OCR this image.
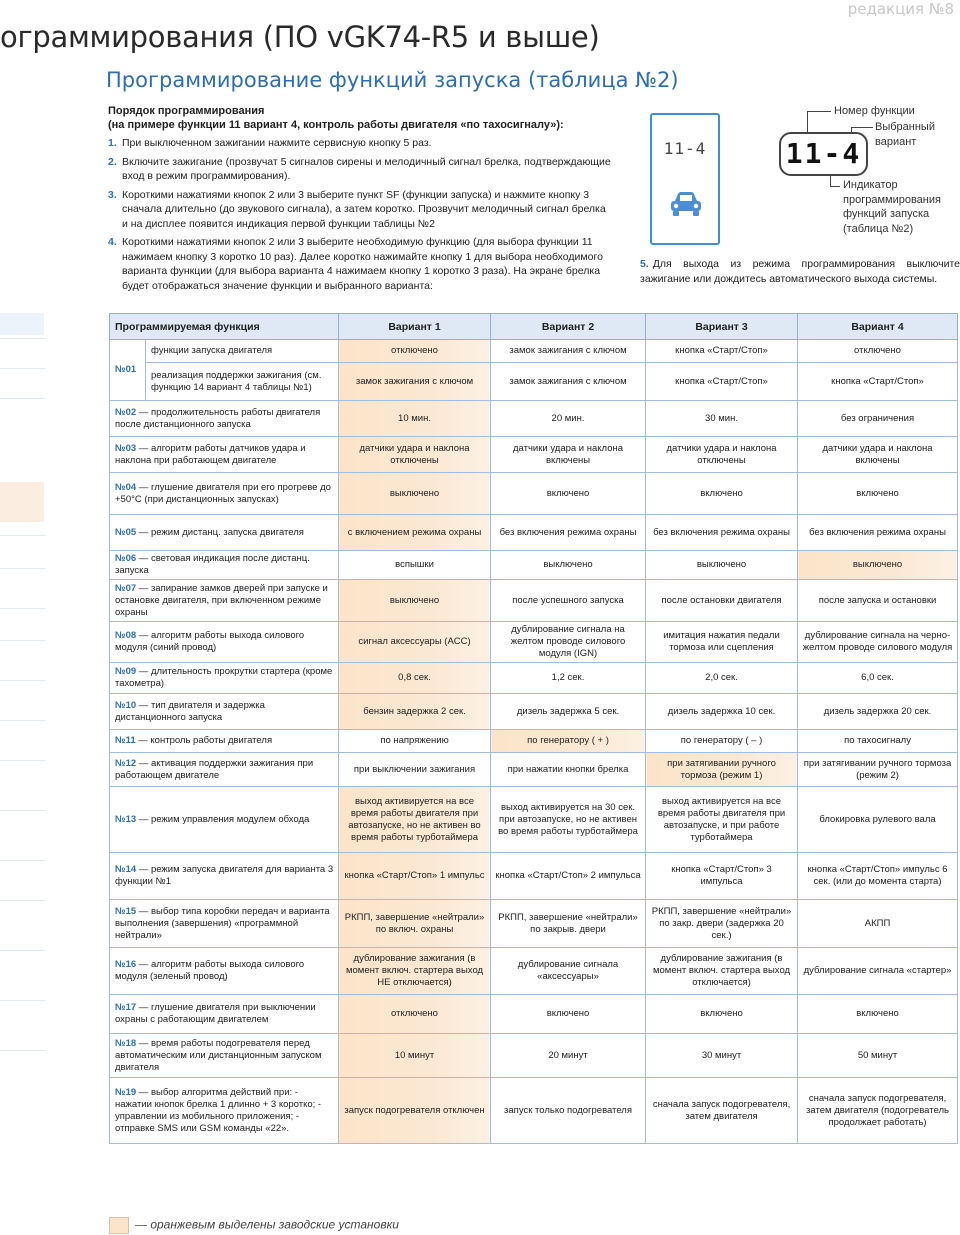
редакция №8
ограммирования (ПО vGK74-R5 и выше)
Программирование функций запуска (таблица №2)
Порядок программирования
(на примере функции 11 вариант 4, контроль работы двигателя «по тахосигналу»):
1. При выключенном зажигании нажмите сервисную кнопку 5 раз.
2. Включите зажигание (прозвучат 5 сигналов сирены и мелодичный сигнал брелка, подтверждающие вход в режим программирования).
3. Короткими нажатиями кнопок 2 или 3 выберите пункт SF (функции запуска) и нажмите кнопку 3 сначала длительно (до звукового сигнала), а затем коротко. Прозвучит мелодичный сигнал брелка и на дисплее появится индикация первой функции таблицы №2
4. Короткими нажатиями кнопок 2 или 3 выберите необходимую функцию (для выбора функции 11 нажимаем кнопку 3 коротко 10 раз). Далее коротко нажимайте кнопку 1 для выбора необходимого варианта функции (для выбора варианта 4 нажимаем кнопку 1 коротко 3 раза). На экране брелка будет отображаться значение функции и выбранного варианта:
11-4	11-4
Номер функции
Выбранный
вариант
Индикатор
программирования
функций запуска
(таблица №2)
5. Для выхода из режима программирования выключите зажигание или дождитесь автоматического выхода системы.
Программируемая функция		Вариант 1	Вариант 2	Вариант 3	Вариант 4
№01	функции запуска двигателя	отключено	замок зажигания с ключом	кнопка «Старт/Стоп»	отключено
	реализация поддержки зажигания (см. функцию 14 вариант 4 таблицы №1)	замок зажигания с ключом	замок зажигания с ключом	кнопка «Старт/Стоп»	кнопка «Старт/Стоп»
№02 — продолжительность работы двигателя после дистанционного запуска		10 мин.	20 мин.	30 мин.	без ограничения
№03 — алгоритм работы датчиков удара и наклона при работающем двигателе		датчики удара и наклона отключены	датчики удара и наклона включены	датчики удара и наклона отключены	датчики удара и наклона включены
№04 — глушение двигателя при его прогреве до +50°С (при дистанционных запусках)		выключено	включено	включено	включено
№05 — режим дистанц. запуска двигателя		с включением режима охраны	без включения режима охраны	без включения режима охраны	без включения режима охраны
№06 — световая индикация после дистанц. запуска		вспышки	выключено	выключено	выключено
№07 — запирание замков дверей при запуске и остановке двигателя, при включенном режиме охраны		выключено	после успешного запуска	после остановки двигателя	после запуска и остановки
№08 — алгоритм работы выхода силового модуля (синий провод)		сигнал аксессуары (ACC)	дублирование сигнала на желтом проводе силового модуля (IGN)	имитация нажатия педали тормоза или сцепления	дублирование сигнала на черно-желтом проводе силового модуля
№09 — длительность прокрутки стартера (кроме тахометра)		0,8 сек.	1,2 сек.	2,0 сек.	6,0 сек.
№10 — тип двигателя и задержка дистанционного запуска		бензин задержка 2 сек.	дизель задержка 5 сек.	дизель задержка 10 сек.	дизель задержка 20 сек.
№11 — контроль работы двигателя		по напряжению	по генератору ( + )	по генератору ( – )	по тахосигналу
№12 — активация поддержки зажигания при работающем двигателе		при выключении зажигания	при нажатии кнопки брелка	при затягивании ручного тормоза (режим 1)	при затягивании ручного тормоза (режим 2)
№13 — режим управления модулем обхода		выход активируется на все время работы двигателя при автозапуске, но не активен во время работы турботаймера	выход активируется на 30 сек. при автозапуске, но не активен во время работы турботаймера	выход активируется на все время работы двигателя при автозапуске, и при работе турботаймера	блокировка рулевого вала
№14 — режим запуска двигателя для варианта 3 функции №1		кнопка «Старт/Стоп» 1 импульс	кнопка «Старт/Стоп» 2 импульса	кнопка «Старт/Стоп» 3 импульса	кнопка «Старт/Стоп» импульс 6 сек. (или до момента старта)
№15 — выбор типа коробки передач и варианта выполнения (завершения) «программной нейтрали»		РКПП, завершение «нейтрали» по включ. охраны	РКПП, завершение «нейтрали» по закрыв. двери	РКПП, завершение «нейтрали» по закр. двери (задержка 20 сек.)	АКПП
№16 — алгоритм работы выхода силового модуля (зеленый провод)		дублирование зажигания (в момент включ. стартера выход НЕ отключается)	дублирование сигнала «аксессуары»	дублирование зажигания (в момент включ. стартера выход отключается)	дублирование сигнала «стартер»
№17 — глушение двигателя при выключении охраны с работающим двигателем		отключено	включено	включено	включено
№18 — время работы подогревателя перед автоматическим или дистанционным запуском двигателя		10 минут	20 минут	30 минут	50 минут
№19 — выбор алгоритма действий при: - нажатии кнопок брелка 1 длинно + 3 коротко; - управлении из мобильного приложения; - отправке SMS или GSM команды «22».		запуск подогревателя отключен	запуск только подогревателя	сначала запуск подогревателя, затем двигателя	сначала запуск подогревателя, затем двигателя (подогреватель продолжает работать)
— оранжевым выделены заводские установки
